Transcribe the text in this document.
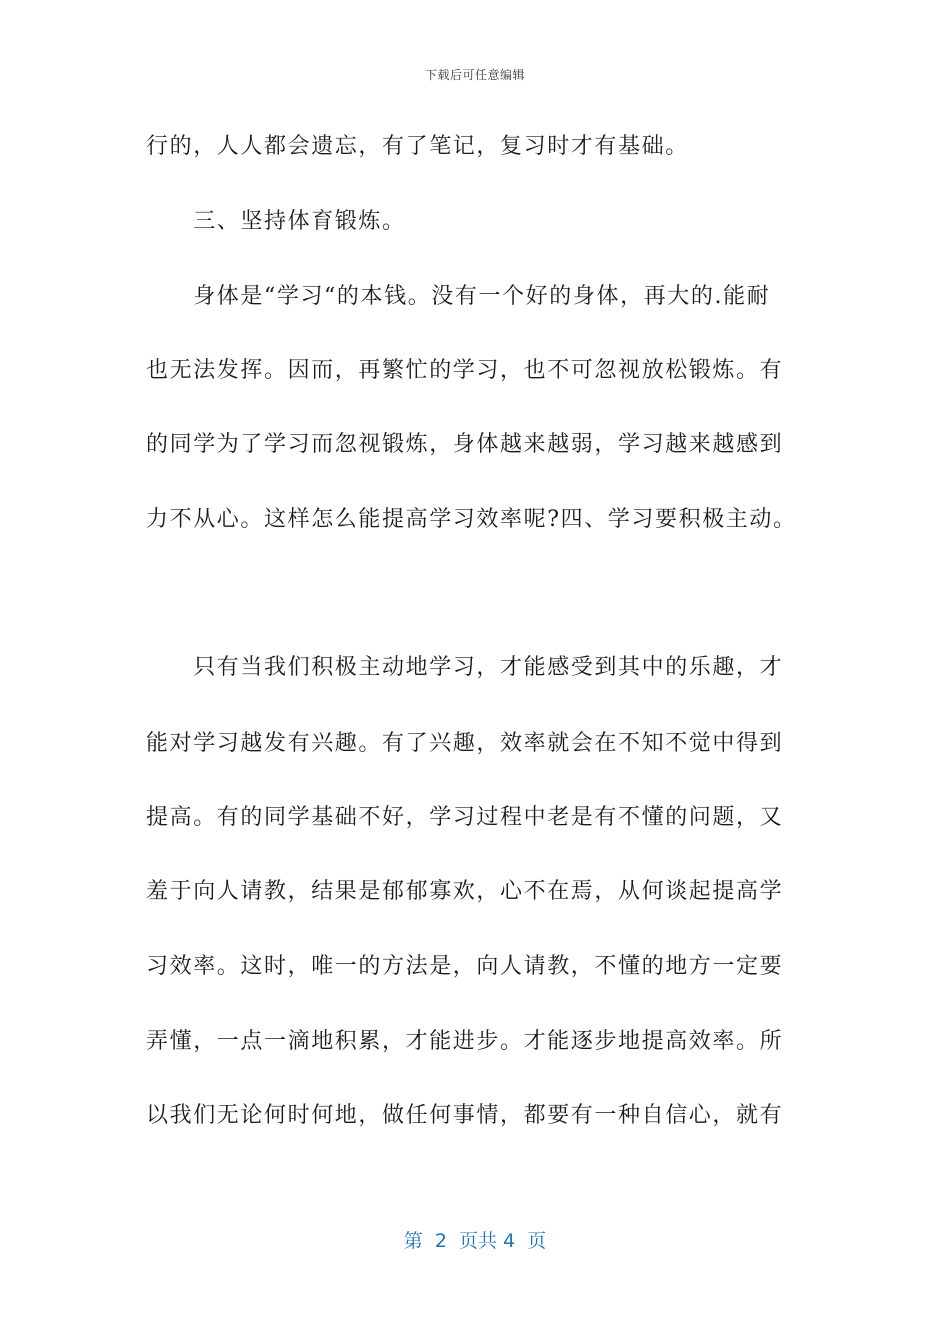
下载后可任意编辑
行的，人人都会遗忘，有了笔记，复习时才有基础。
　　三、坚持体育锻炼。
　　身体是“学习“的本钱。没有一个好的身体，再大的.能耐
也无法发挥。因而，再繁忙的学习，也不可忽视放松锻炼。有
的同学为了学习而忽视锻炼，身体越来越弱，学习越来越感到
力不从心。这样怎么能提高学习效率呢?四、学习要积极主动。
　　只有当我们积极主动地学习，才能感受到其中的乐趣，才
能对学习越发有兴趣。有了兴趣，效率就会在不知不觉中得到
提高。有的同学基础不好，学习过程中老是有不懂的问题，又
羞于向人请教，结果是郁郁寡欢，心不在焉，从何谈起提高学
习效率。这时，唯一的方法是，向人请教，不懂的地方一定要
弄懂，一点一滴地积累，才能进步。才能逐步地提高效率。所
以我们无论何时何地，做任何事情，都要有一种自信心，就有
第  2  页共 4  页
